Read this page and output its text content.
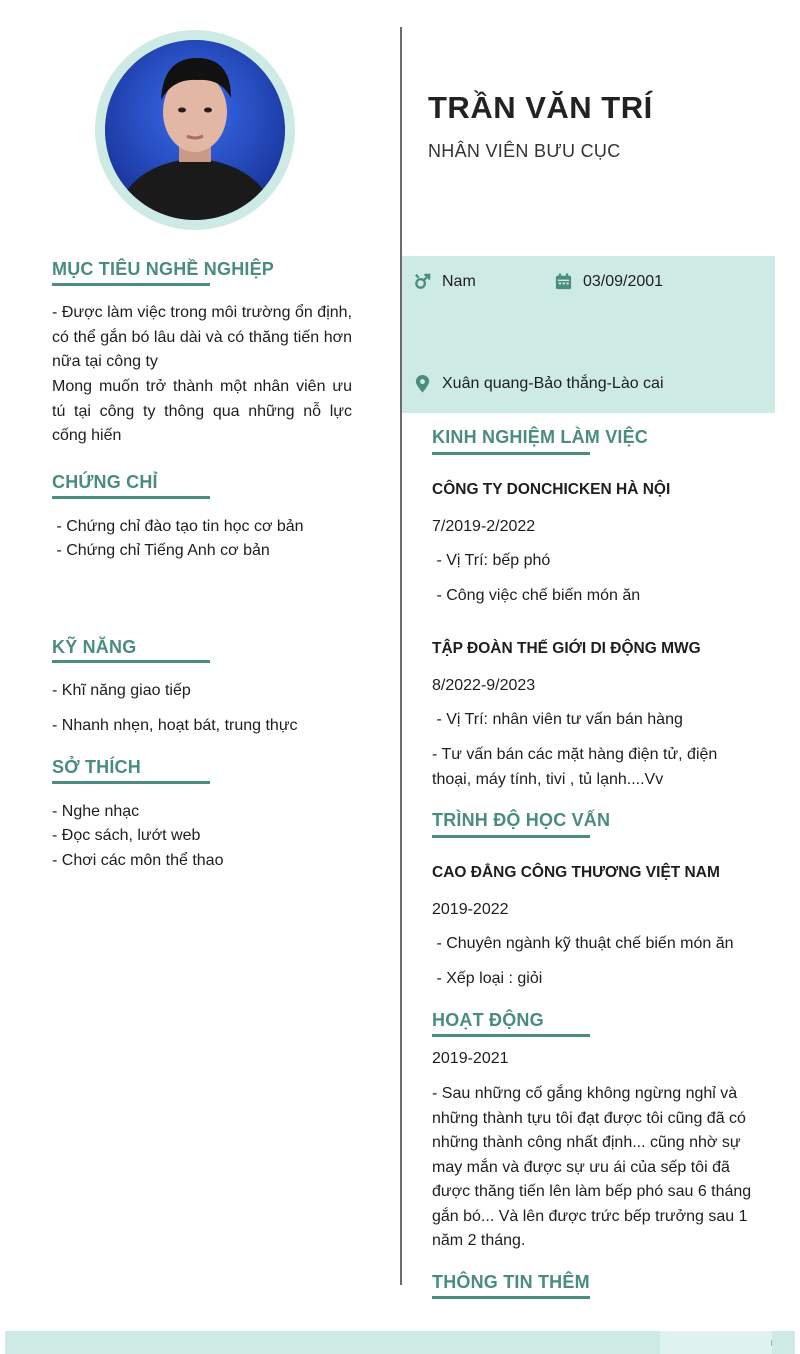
MỤC TIÊU NGHỀ NGHIỆP
- Được làm việc trong môi trường ổn định, có thể gắn bó lâu dài và có thăng tiến hơn nữa tại công ty
Mong muốn trở thành một nhân viên ưu tú tại công ty thông qua những nỗ lực cống hiến
CHỨNG CHỈ
- Chứng chỉ đào tạo tin học cơ bản
- Chứng chỉ Tiếng Anh cơ bản
KỸ NĂNG
- Khĩ năng giao tiếp
- Nhanh nhẹn, hoạt bát, trung thực
SỞ THÍCH
- Nghe nhạc
- Đọc sách, lướt web
- Chơi các môn thể thao
TRẦN VĂN TRÍ
NHÂN VIÊN BƯU CỤC
Nam	03/09/2001
Xuân quang-Bảo thắng-Lào cai
KINH NGHIỆM LÀM VIỆC
CÔNG TY DONCHICKEN HÀ NỘI
7/2019-2/2022
- Vị Trí: bếp phó
- Công việc chế biến món ăn
TẬP ĐOÀN THẾ GIỚI DI ĐỘNG MWG
8/2022-9/2023
- Vị Trí: nhân viên tư vấn bán hàng
- Tư vấn bán các mặt hàng điện tử, điện thoại, máy tính, tivi , tủ lạnh....Vv
TRÌNH ĐỘ HỌC VẤN
CAO ĐẲNG CÔNG THƯƠNG VIỆT NAM
2019-2022
- Chuyên ngành kỹ thuật chế biến món ăn
- Xếp loại : giỏi
HOẠT ĐỘNG
2019-2021
- Sau những cố gắng không ngừng nghỉ và những thành tựu tôi đạt được tôi cũng đã có những thành công nhất định... cũng nhờ sự may mắn và được sự ưu ái của sếp tôi đã được thăng tiến lên làm bếp phó sau 6 tháng gắn bó... Và lên được trức bếp trưởng sau 1 năm 2 tháng.
THÔNG TIN THÊM
